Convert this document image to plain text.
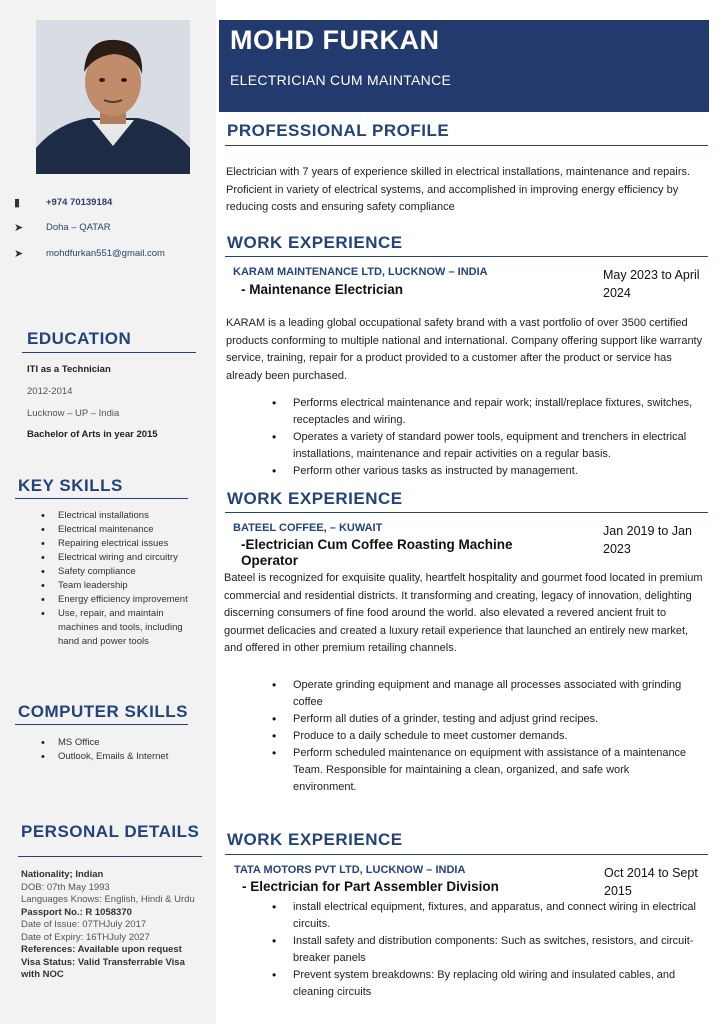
▮	+974 70139184
➤	Doha – QATAR
➤	mohdfurkan551@gmail.com
EDUCATION
ITI as a Technician
2012-2014
Lucknow – UP – India
Bachelor of Arts in year 2015
KEY SKILLS
• Electrical installations
• Electrical maintenance
• Repairing electrical issues
• Electrical wiring and circuitry
• Safety compliance
• Team leadership
• Energy efficiency improvement
• Use, repair, and maintain machines and tools, including hand and power tools
COMPUTER SKILLS
• MS Office
• Outlook, Emails & Internet
PERSONAL DETAILS
Nationality; Indian
DOB: 07th May 1993
Languages Knows: English, Hindi & Urdu
Passport No.: R 1058370
Date of Issue: 07THJuly 2017
Date of Expiry: 16THJuly 2027
References: Available upon request
Visa Status: Valid Transferrable Visa with NOC
MOHD FURKAN
ELECTRICIAN CUM MAINTANCE
PROFESSIONAL PROFILE
Electrician with 7 years of experience skilled in electrical installations, maintenance and repairs. Proficient in variety of electrical systems, and accomplished in improving energy efficiency by reducing costs and ensuring safety compliance
WORK EXPERIENCE
KARAM MAINTENANCE LTD, LUCKNOW – INDIA
- Maintenance Electrician
May 2023 to April 2024
KARAM is a leading global occupational safety brand with a vast portfolio of over 3500 certified products conforming to multiple national and international. Company offering support like warranty service, training, repair for a product provided to a customer after the product or service has already been purchased.
• Performs electrical maintenance and repair work; install/replace fixtures, switches, receptacles and wiring.
• Operates a variety of standard power tools, equipment and trenchers in electrical installations, maintenance and repair activities on a regular basis.
• Perform other various tasks as instructed by management.
WORK EXPERIENCE
BATEEL COFFEE, – KUWAIT
-Electrician Cum Coffee Roasting Machine Operator
Jan 2019 to Jan 2023
Bateel is recognized for exquisite quality, heartfelt hospitality and gourmet food located in premium commercial and residential districts. It transforming and creating, legacy of innovation, delighting discerning consumers of fine food around the world. also elevated a revered ancient fruit to gourmet delicacies and created a luxury retail experience that launched an entirely new market, and offered in other premium retailing channels.
• Operate grinding equipment and manage all processes associated with grinding coffee
• Perform all duties of a grinder, testing and adjust grind recipes.
• Produce to a daily schedule to meet customer demands.
• Perform scheduled maintenance on equipment with assistance of a maintenance Team. Responsible for maintaining a clean, organized, and safe work environment.
WORK EXPERIENCE
TATA MOTORS PVT LTD, LUCKNOW – INDIA
- Electrician for Part Assembler Division
Oct 2014 to Sept 2015
• install electrical equipment, fixtures, and apparatus, and connect wiring in electrical circuits.
• Install safety and distribution components: Such as switches, resistors, and circuit-breaker panels
• Prevent system breakdowns: By replacing old wiring and insulated cables, and cleaning circuits
